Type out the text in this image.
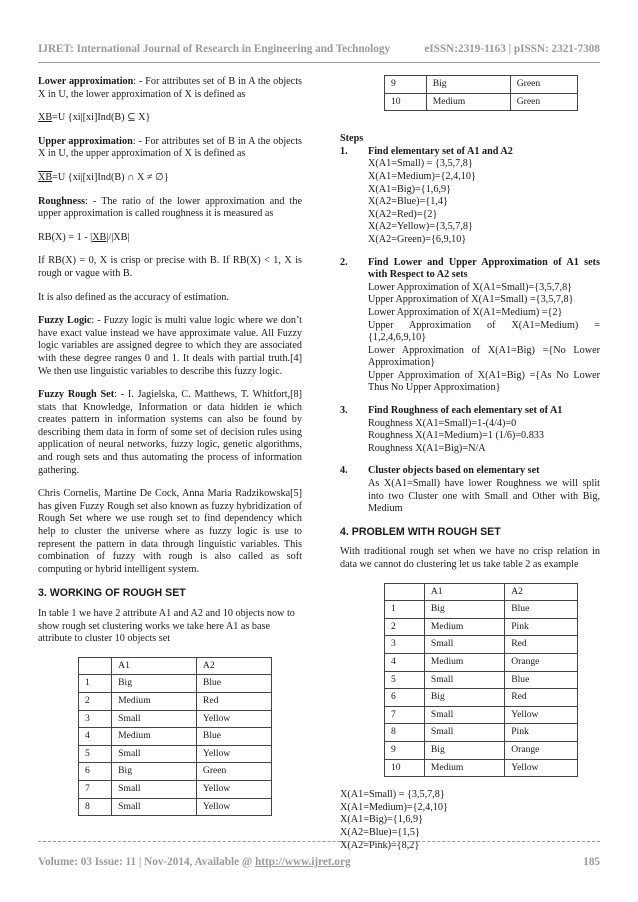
IJRET: International Journal of Research in Engineering and Technology	eISSN:2319-1163 | pISSN: 2321-7308
Lower approximation: - For attributes set of B in A the objects X in U, the lower approximation of X is defined as
XB=U {xi|[xi]Ind(B) ⊆ X}
Upper approximation: - For attributes set of B in A the objects X in U, the upper approximation of X is defined as
XB=U {xi|[xi]Ind(B) ∩ X ≠ ∅}
Roughness: - The ratio of the lower approximation and the upper approximation is called roughness it is measured as
RB(X) = 1 - |XB|/|XB|
If RB(X) = 0, X is crisp or precise with B. If RB(X) < 1, X is rough or vague with B.
It is also defined as the accuracy of estimation.
Fuzzy Logic: - Fuzzy logic is multi value logic where we don’t have exact value instead we have approximate value. All Fuzzy logic variables are assigned degree to which they are associated with these degree ranges 0 and 1. It deals with partial truth.[4] We then use linguistic variables to describe this fuzzy logic.
Fuzzy Rough Set: - I. Jagielska, C. Matthews, T. Whitfort,[8] stats that Knowledge, Information or data hidden ie which creates pattern in information systems can also be found by describing them data in form of some set of decision rules using application of neural networks, fuzzy logic, genetic algorithms, and rough sets and thus automating the process of information gathering.
Chris Cornelis, Martine De Cock, Anna Maria Radzikowska[5] has given Fuzzy Rough set also known as fuzzy hybridization of Rough Set where we use rough set to find dependency which help to cluster the universe where as fuzzy logic is use to represent the pattern in data through linguistic variables. This combination of fuzzy with rough is also called as soft computing or hybrid intelligent system.
3. WORKING OF ROUGH SET
In table 1 we have 2 attribute A1 and A2 and 10 objects now to show rough set clustering works we take here A1 as base attribute to cluster 10 objects set
	A1	A2
1	Big	Blue
2	Medium	Red
3	Small	Yellow
4	Medium	Blue
5	Small	Yellow
6	Big	Green
7	Small	Yellow
8	Small	Yellow
9	Big	Green
10	Medium	Green
Steps
1.	Find elementary set of A1 and A2
X(A1=Small) = {3,5,7,8}
X(A1=Medium)={2,4,10}
X(A1=Big)={1,6,9}
X(A2=Blue)={1,4}
X(A2=Red)={2}
X(A2=Yellow)={3,5,7,8}
X(A2=Green)={6,9,10}
2.	Find Lower and Upper Approximation of A1 sets with Respect to A2 sets
Lower Approximation of X(A1=Small)={3,5,7,8}
Upper Approximation of X(A1=Small) ={3,5,7,8}
Lower Approximation of X(A1=Medium) ={2}
Upper Approximation of X(A1=Medium) ={1,2,4,6,9,10}
Lower Approximation of X(A1=Big) ={No Lower Approximation}
Upper Approximation of X(A1=Big) ={As No Lower Thus No Upper Approximation}
3.	Find Roughness of each elementary set of A1
Roughness X(A1=Small)=1-(4/4)=0
Roughness X(A1=Medium)=1 (1/6)=0.833
Roughness X(A1=Big)=N/A
4.	Cluster objects based on elementary set
As X(A1=Small) have lower Roughness we will split into two Cluster one with Small and Other with Big, Medium
4. PROBLEM WITH ROUGH SET
With traditional rough set when we have no crisp relation in data we cannot do clustering let us take table 2 as example
	A1	A2
1	Big	Blue
2	Medium	Pink
3	Small	Red
4	Medium	Orange
5	Small	Blue
6	Big	Red
7	Small	Yellow
8	Small	Pink
9	Big	Orange
10	Medium	Yellow
X(A1=Small) = {3,5,7,8}
X(A1=Medium)={2,4,10}
X(A1=Big)={1,6,9}
X(A2=Blue)={1,5}
X(A2=Pink)={8,2}
Volume: 03 Issue: 11 | Nov-2014, Available @ http://www.ijret.org	185
